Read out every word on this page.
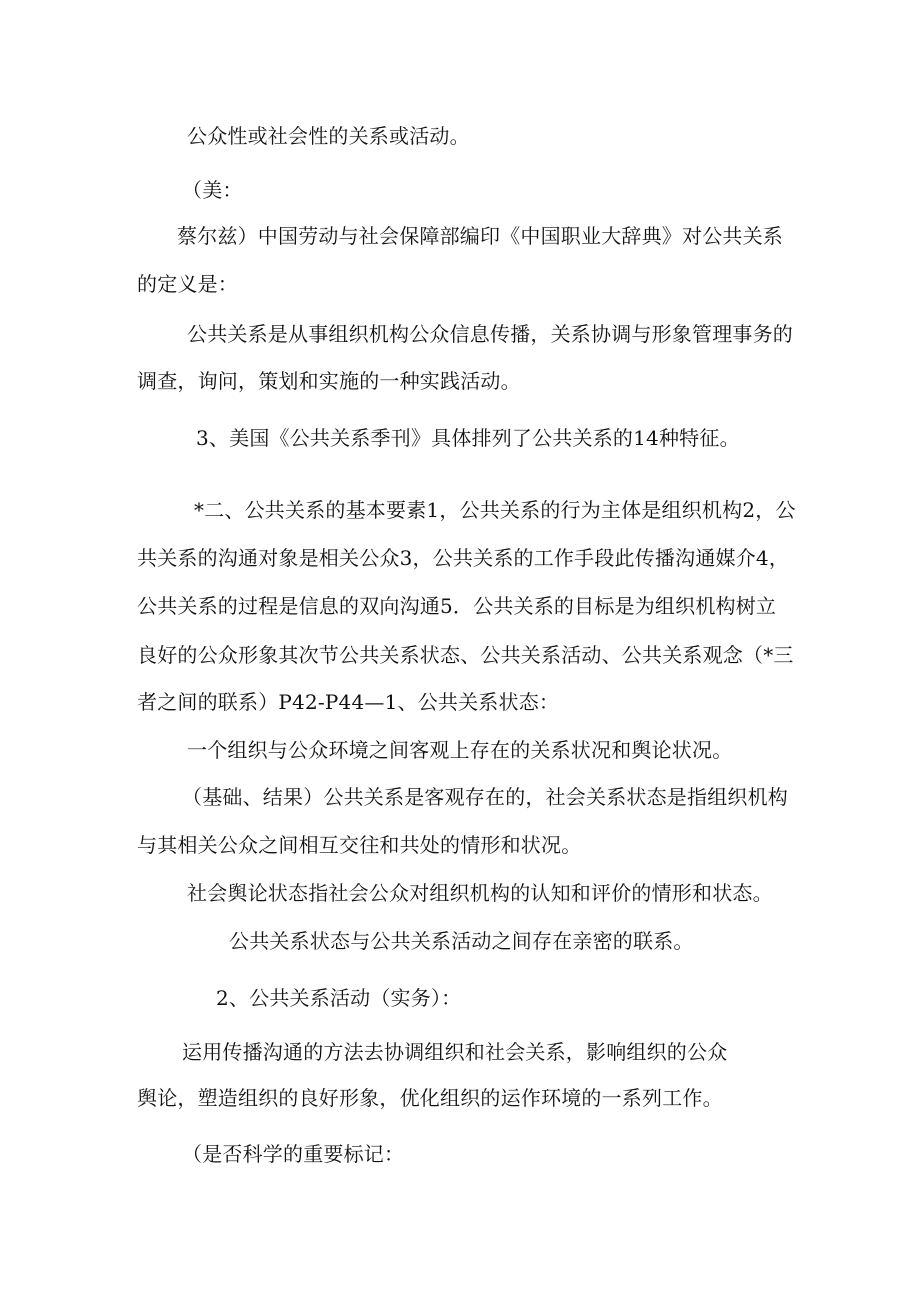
公众性或社会性的关系或活动。
（美：
蔡尔兹）中国劳动与社会保障部编印《中国职业大辞典》对公共关系
的定义是：
公共关系是从事组织机构公众信息传播，关系协调与形象管理事务的
调查，询问，策划和实施的一种实践活动。
3、美国《公共关系季刊》具体排列了公共关系的14种特征。
*二、公共关系的基本要素1，公共关系的行为主体是组织机构2，公
共关系的沟通对象是相关公众3，公共关系的工作手段此传播沟通媒介4，
公共关系的过程是信息的双向沟通5．公共关系的目标是为组织机构树立
良好的公众形象其次节公共关系状态、公共关系活动、公共关系观念（*三
者之间的联系）P42-P44—1、公共关系状态：
一个组织与公众环境之间客观上存在的关系状况和舆论状况。
（基础、结果）公共关系是客观存在的，社会关系状态是指组织机构
与其相关公众之间相互交往和共处的情形和状况。
社会舆论状态指社会公众对组织机构的认知和评价的情形和状态。
公共关系状态与公共关系活动之间存在亲密的联系。
2、公共关系活动（实务）：
运用传播沟通的方法去协调组织和社会关系，影响组织的公众
舆论，塑造组织的良好形象，优化组织的运作环境的一系列工作。
（是否科学的重要标记：
